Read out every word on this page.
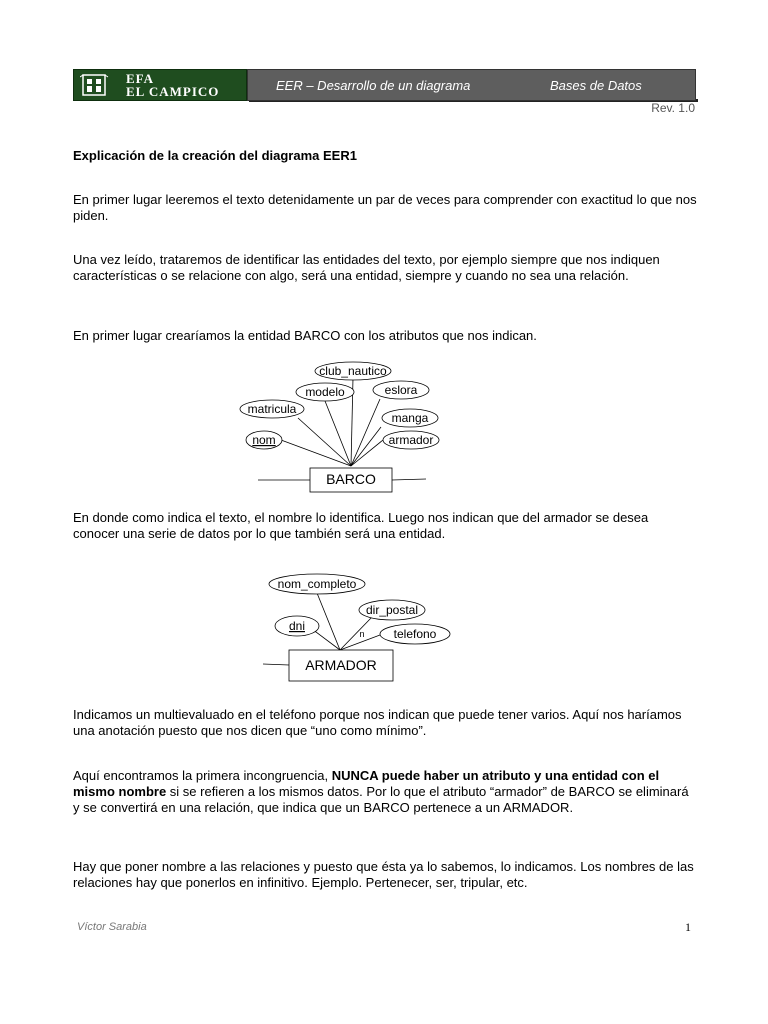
EFA
EL CAMPICO	EER – Desarrollo de un diagrama	Bases de Datos
Rev. 1.0
Explicación de la creación del diagrama EER1

En primer lugar leeremos el texto detenidamente un par de veces para comprender con exactitud lo que nos piden.

Una vez leído, trataremos de identificar las entidades del texto, por ejemplo siempre que nos indiquen características o se relacione con algo, será una entidad, siempre y cuando no sea una relación.

En primer lugar crearíamos la entidad BARCO con los atributos que nos indican.

club_nautico
modelo	eslora
matricula
manga
nom	armador
BARCO

En donde como indica el texto, el nombre lo identifica. Luego nos indican que del armador se desea conocer una serie de datos por lo que también será una entidad.

nom_completo
dir_postal
dni
telefono
n
ARMADOR

Indicamos un multievaluado en el teléfono porque nos indican que puede tener varios. Aquí nos haríamos una anotación puesto que nos dicen que “uno como mínimo”.

Aquí encontramos la primera incongruencia, NUNCA puede haber un atributo y una entidad con el mismo nombre si se refieren a los mismos datos. Por lo que el atributo “armador” de BARCO se eliminará y se convertirá en una relación, que indica que un BARCO pertenece a un ARMADOR.

Hay que poner nombre a las relaciones y puesto que ésta ya lo sabemos, lo indicamos. Los nombres de las relaciones hay que ponerlos en infinitivo. Ejemplo. Pertenecer, ser, tripular, etc.

Víctor Sarabia	1
